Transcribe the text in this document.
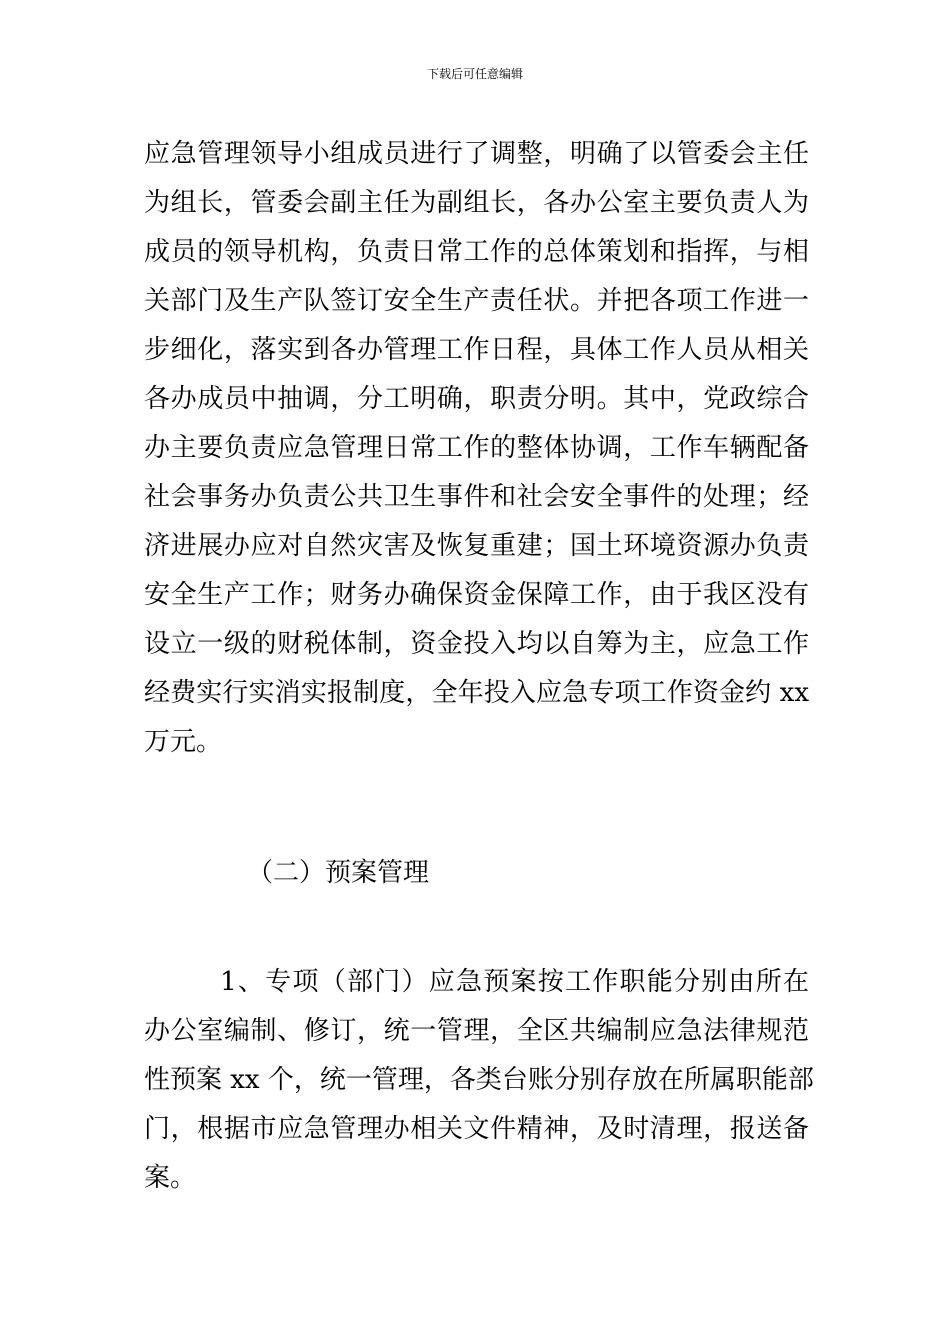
下载后可任意编辑
应急管理领导小组成员进行了调整，明确了以管委会主任
为组长，管委会副主任为副组长，各办公室主要负责人为
成员的领导机构，负责日常工作的总体策划和指挥，与相
关部门及生产队签订安全生产责任状。并把各项工作进一
步细化，落实到各办管理工作日程，具体工作人员从相关
各办成员中抽调，分工明确，职责分明。其中，党政综合
办主要负责应急管理日常工作的整体协调，工作车辆配备
社会事务办负责公共卫生事件和社会安全事件的处理；经
济进展办应对自然灾害及恢复重建；国土环境资源办负责
安全生产工作；财务办确保资金保障工作，由于我区没有
设立一级的财税体制，资金投入均以自筹为主，应急工作
经费实行实消实报制度，全年投入应急专项工作资金约 xx
万元。
（二）预案管理
1、专项（部门）应急预案按工作职能分别由所在
办公室编制、修订，统一管理，全区共编制应急法律规范
性预案 xx 个，统一管理，各类台账分别存放在所属职能部
门，根据市应急管理办相关文件精神，及时清理，报送备
案。
